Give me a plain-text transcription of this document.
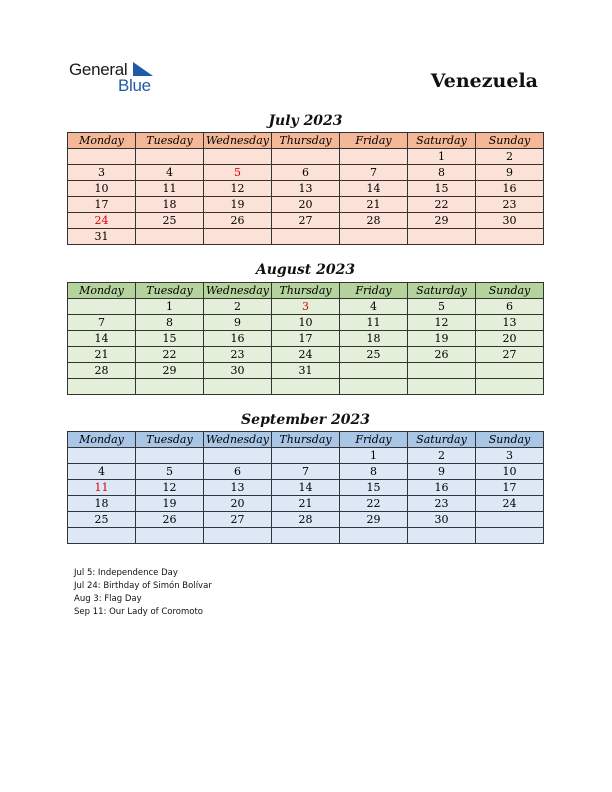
General
Blue	Venezuela
July 2023
Monday	Tuesday	Wednesday	Thursday	Friday	Saturday	Sunday
					1	2
3	4	5	6	7	8	9
10	11	12	13	14	15	16
17	18	19	20	21	22	23
24	25	26	27	28	29	30
31						
August 2023
Monday	Tuesday	Wednesday	Thursday	Friday	Saturday	Sunday
	1	2	3	4	5	6
7	8	9	10	11	12	13
14	15	16	17	18	19	20
21	22	23	24	25	26	27
28	29	30	31			

September 2023
Monday	Tuesday	Wednesday	Thursday	Friday	Saturday	Sunday
				1	2	3
4	5	6	7	8	9	10
11	12	13	14	15	16	17
18	19	20	21	22	23	24
25	26	27	28	29	30	

Jul 5: Independence Day
Jul 24: Birthday of Simón Bolívar
Aug 3: Flag Day
Sep 11: Our Lady of Coromoto
